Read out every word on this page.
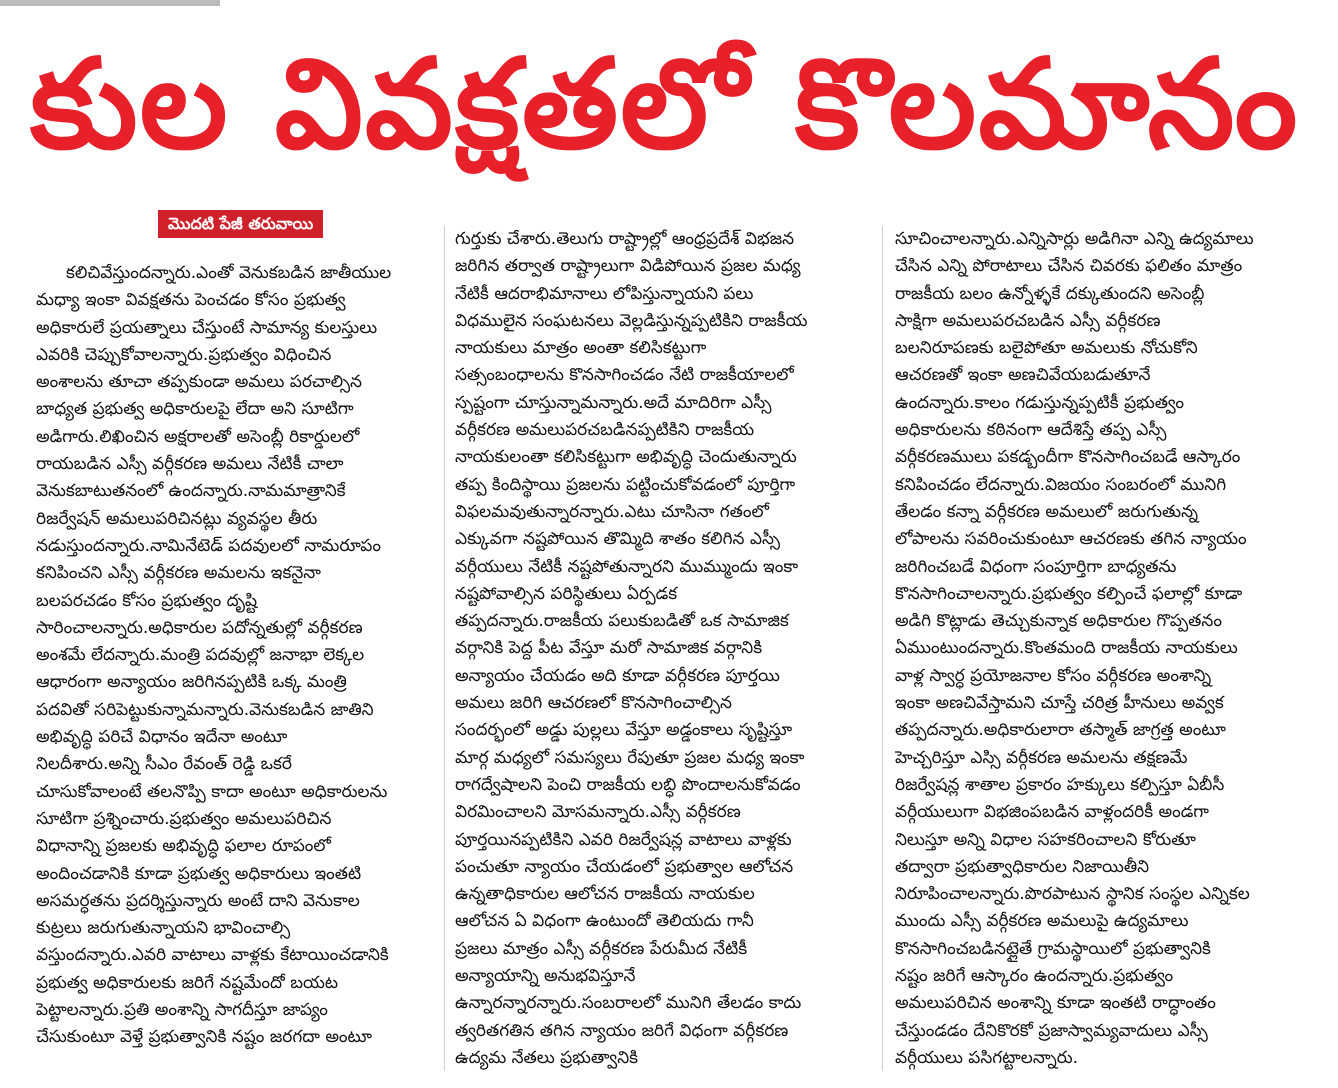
కుల వివక్షతలో కొలమానం
మొదటి పేజీ తరువాయి
కలిచివేస్తుందన్నారు.ఎంతో వెనుకబడిన జాతీయుల
మధ్యా ఇంకా వివక్షతను పెంచడం కోసం ప్రభుత్వ
అధికారులే ప్రయత్నాలు చేస్తుంటే సామాన్య కులస్తులు
ఎవరికి చెప్పుకోవాలన్నారు.ప్రభుత్వం విధించిన
అంశాలను తూచా తప్పకుండా అమలు పరచాల్సిన
బాధ్యత ప్రభుత్వ అధికారులపై లేదా అని సూటిగా
అడిగారు.లిఖించిన అక్షరాలతో అసెంబ్లీ రికార్డులలో
రాయబడిన ఎస్సీ వర్గీకరణ అమలు నేటికీ చాలా
వెనుకబాటుతనంలో ఉందన్నారు.నామమాత్రానికే
రిజర్వేషన్ అమలుపరిచినట్లు వ్యవస్థల తీరు
నడుస్తుందన్నారు.నామినేటెడ్ పదవులలో నామరూపం
కనిపించని ఎస్సీ వర్గీకరణ అమలను ఇకనైనా
బలపరచడం కోసం ప్రభుత్వం దృష్టి
సారించాలన్నారు.అధికారుల పదోన్నతుల్లో వర్గీకరణ
అంశమే లేదన్నారు.మంత్రి పదవుల్లో జనాభా లెక్కల
ఆధారంగా అన్యాయం జరిగినప్పటికి ఒక్క మంత్రి
పదవితో సరిపెట్టుకున్నామన్నారు.వెనుకబడిన జాతిని
అభివృద్ధి పరిచే విధానం ఇదేనా అంటూ
నిలదీశారు.అన్ని సీఎం రేవంత్ రెడ్డి ఒకరే
చూసుకోవాలంటే తలనొప్పి కాదా అంటూ అధికారులను
సూటిగా ప్రశ్నించారు.ప్రభుత్వం అమలుపరిచిన
విధానాన్ని ప్రజలకు అభివృద్ధి ఫలాల రూపంలో
అందించడానికి కూడా ప్రభుత్వ అధికారులు ఇంతటి
అసమర్ధతను ప్రదర్శిస్తున్నారు అంటే దాని వెనుకాల
కుట్రలు జరుగుతున్నాయని భావించాల్సి
వస్తుందన్నారు.ఎవరి వాటాలు వాళ్లకు కేటాయించడానికి
ప్రభుత్వ అధికారులకు జరిగే నష్టమేందో బయట
పెట్టాలన్నారు.ప్రతి అంశాన్ని సాగదీస్తూ జాప్యం
చేసుకుంటూ వెళ్తే ప్రభుత్వానికి నష్టం జరగదా అంటూ
గుర్తుకు చేశారు.తెలుగు రాష్ట్రాల్లో ఆంధ్రప్రదేశ్ విభజన
జరిగిన తర్వాత రాష్ట్రాలుగా విడిపోయిన ప్రజల మధ్య
నేటికీ ఆదరాభిమానాలు లోపిస్తున్నాయని పలు
విధములైన సంఘటనలు వెల్లడిస్తున్నప్పటికిని రాజకీయ
నాయకులు మాత్రం అంతా కలిసికట్టుగా
సత్సంబంధాలను కొనసాగించడం నేటి రాజకీయాలలో
స్పష్టంగా చూస్తున్నామన్నారు.అదే మాదిరిగా ఎస్సీ
వర్గీకరణ అమలుపరచబడినప్పటికిని రాజకీయ
నాయకులంతా కలిసికట్టుగా అభివృద్ధి చెందుతున్నారు
తప్ప కిందిస్థాయి ప్రజలను పట్టించుకోవడంలో పూర్తిగా
విఫలమవుతున్నారన్నారు.ఎటు చూసినా గతంలో
ఎక్కువగా నష్టపోయిన తొమ్మిది శాతం కలిగిన ఎస్సీ
వర్గీయులు నేటికీ నష్టపోతున్నారని ముమ్ముందు ఇంకా
నష్టపోవాల్సిన పరిస్థితులు ఏర్పడక
తప్పదన్నారు.రాజకీయ పలుకుబడితో ఒక సామాజిక
వర్గానికి పెద్ద పీట వేస్తూ మరో సామాజిక వర్గానికి
అన్యాయం చేయడం అది కూడా వర్గీకరణ పూర్తయి
అమలు జరిగి ఆచరణలో కొనసాగించాల్సిన
సందర్భంలో అడ్డు పుల్లలు వేస్తూ అడ్డంకాలు సృష్టిస్తూ
మార్గ మధ్యలో సమస్యలు రేపుతూ ప్రజల మధ్య ఇంకా
రాగద్వేషాలని పెంచి రాజకీయ లబ్ధి పొందాలనుకోవడం
విరమించాలని మోసమన్నారు.ఎస్సీ వర్గీకరణ
పూర్తయినప్పటికిని ఎవరి రిజర్వేషన్ల వాటాలు వాళ్లకు
పంచుతూ న్యాయం చేయడంలో ప్రభుత్వాల ఆలోచన
ఉన్నతాధికారుల ఆలోచన రాజకీయ నాయకుల
ఆలోచన ఏ విధంగా ఉంటుందో తెలియదు గానీ
ప్రజలు మాత్రం ఎస్సీ వర్గీకరణ పేరుమీద నేటికీ
అన్యాయాన్ని అనుభవిస్తూనే
ఉన్నారన్నారన్నారు.సంబరాలలో మునిగి తేలడం కాదు
త్వరితగతిన తగిన న్యాయం జరిగే విధంగా వర్గీకరణ
ఉద్యమ నేతలు ప్రభుత్వానికి
సూచించాలన్నారు.ఎన్నిసార్లు అడిగినా ఎన్ని ఉద్యమాలు
చేసిన ఎన్ని పోరాటాలు చేసిన చివరకు ఫలితం మాత్రం
రాజకీయ బలం ఉన్నోళ్ళకే దక్కుతుందని అసెంబ్లీ
సాక్షిగా అమలుపరచబడిన ఎస్సీ వర్గీకరణ
బలనిరూపణకు బలైపోతూ అమలుకు నోచుకోని
ఆచరణతో ఇంకా అణచివేయబడుతూనే
ఉందన్నారు.కాలం గడుస్తున్నప్పటికీ ప్రభుత్వం
అధికారులను కఠినంగా ఆదేశిస్తే తప్ప ఎస్సీ
వర్గీకరణములు పకడ్బందీగా కొనసాగించబడే ఆస్కారం
కనిపించడం లేదన్నారు.విజయం సంబరంలో మునిగి
తేలడం కన్నా వర్గీకరణ అమలులో జరుగుతున్న
లోపాలను సవరించుకుంటూ ఆచరణకు తగిన న్యాయం
జరిగించబడే విధంగా సంపూర్తిగా బాధ్యతను
కొనసాగించాలన్నారు.ప్రభుత్వం కల్పించే ఫలాల్లో కూడా
అడిగి కొట్లాడు తెచ్చుకున్నాక అధికారుల గొప్పతనం
ఏముంటుందన్నారు.కొంతమంది రాజకీయ నాయకులు
వాళ్ల స్వార్ధ ప్రయోజనాల కోసం వర్గీకరణ అంశాన్ని
ఇంకా అణచివేస్తామని చూస్తే చరిత్ర హీనులు అవ్వక
తప్పదన్నారు.అధికారులారా తస్మాత్ జాగ్రత్త అంటూ
హెచ్చరిస్తూ ఎస్సి వర్గీకరణ అమలను తక్షణమే
రిజర్వేషన్ల శాతాల ప్రకారం హక్కులు కల్పిస్తూ ఏబీసీ
వర్గీయులుగా విభజింపబడిన వాళ్లందరికీ అండగా
నిలుస్తూ అన్ని విధాల సహకరించాలని కోరుతూ
తద్వారా ప్రభుత్వాధికారుల నిజాయితీని
నిరూపించాలన్నారు.పొరపాటున స్థానిక సంస్థల ఎన్నికల
ముందు ఎస్సీ వర్గీకరణ అమలుపై ఉద్యమాలు
కొనసాగించబడినట్లైతే గ్రామస్థాయిలో ప్రభుత్వానికి
నష్టం జరిగే ఆస్కారం ఉందన్నారు.ప్రభుత్వం
అమలుపరిచిన అంశాన్ని కూడా ఇంతటి రాద్ధాంతం
చేస్తుండడం దేనికొరకో ప్రజాస్వామ్యవాదులు ఎస్సీ
వర్గీయులు పసిగట్టాలన్నారు.
